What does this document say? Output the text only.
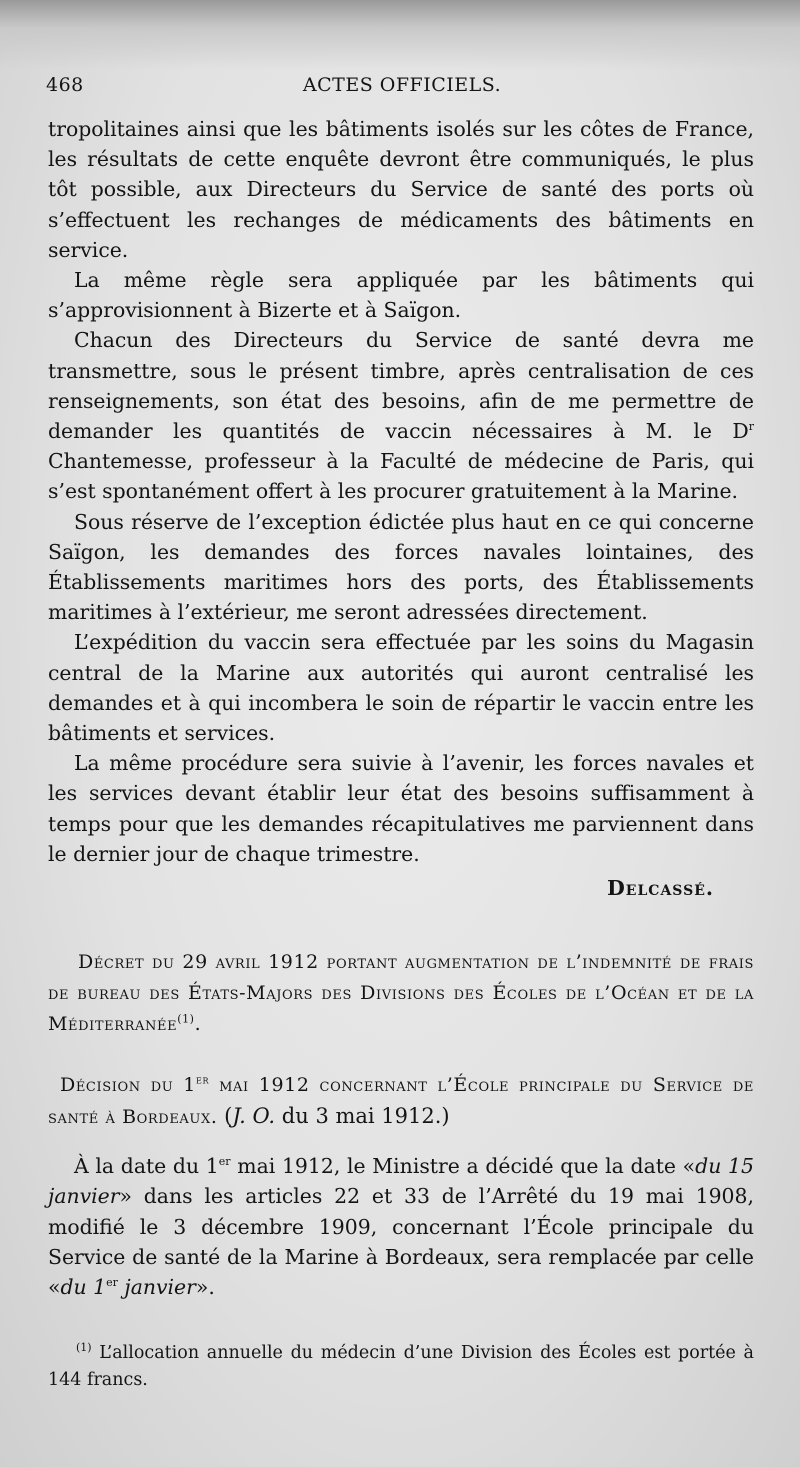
468	ACTES OFFICIELS.

tropolitaines ainsi que les bâtiments isolés sur les côtes de France, les résultats de cette enquête devront être communiqués, le plus tôt possible, aux Directeurs du Service de santé des ports où s’effectuent les rechanges de médicaments des bâtiments en service.

La même règle sera appliquée par les bâtiments qui s’approvisionnent à Bizerte et à Saïgon.

Chacun des Directeurs du Service de santé devra me transmettre, sous le présent timbre, après centralisation de ces renseignements, son état des besoins, afin de me permettre de demander les quantités de vaccin nécessaires à M. le $D^r$ Chantemesse, professeur à la Faculté de médecine de Paris, qui s’est spontanément offert à les procurer gratuitement à la Marine.

Sous réserve de l’exception édictée plus haut en ce qui concerne Saïgon, les demandes des forces navales lointaines, des Établissements maritimes hors des ports, des Établissements maritimes à l’extérieur, me seront adressées directement.

L’expédition du vaccin sera effectuée par les soins du Magasin central de la Marine aux autorités qui auront centralisé les demandes et à qui incombera le soin de répartir le vaccin entre les bâtiments et services.

La même procédure sera suivie à l’avenir, les forces navales et les services devant établir leur état des besoins suffisamment à temps pour que les demandes récapitulatives me parviennent dans le dernier jour de chaque trimestre.

Delcassé.

Décret du 29 avril 1912 portant augmentation de l’indemnité de frais de bureau des États-Majors des Divisions des Écoles de l’Océan et de la Méditerranée$^{(1)}$.

Décision du 1er mai 1912 concernant l’École principale du Service de santé à Bordeaux. (J. O. du 3 mai 1912.)

À la date du 1er mai 1912, le Ministre a décidé que la date «du 15 janvier» dans les articles 22 et 33 de l’Arrêté du 19 mai 1908, modifié le 3 décembre 1909, concernant l’École principale du Service de santé de la Marine à Bordeaux, sera remplacée par celle «du 1er janvier».

$^{(1)}$ L’allocation annuelle du médecin d’une Division des Écoles est portée à 144 francs.
